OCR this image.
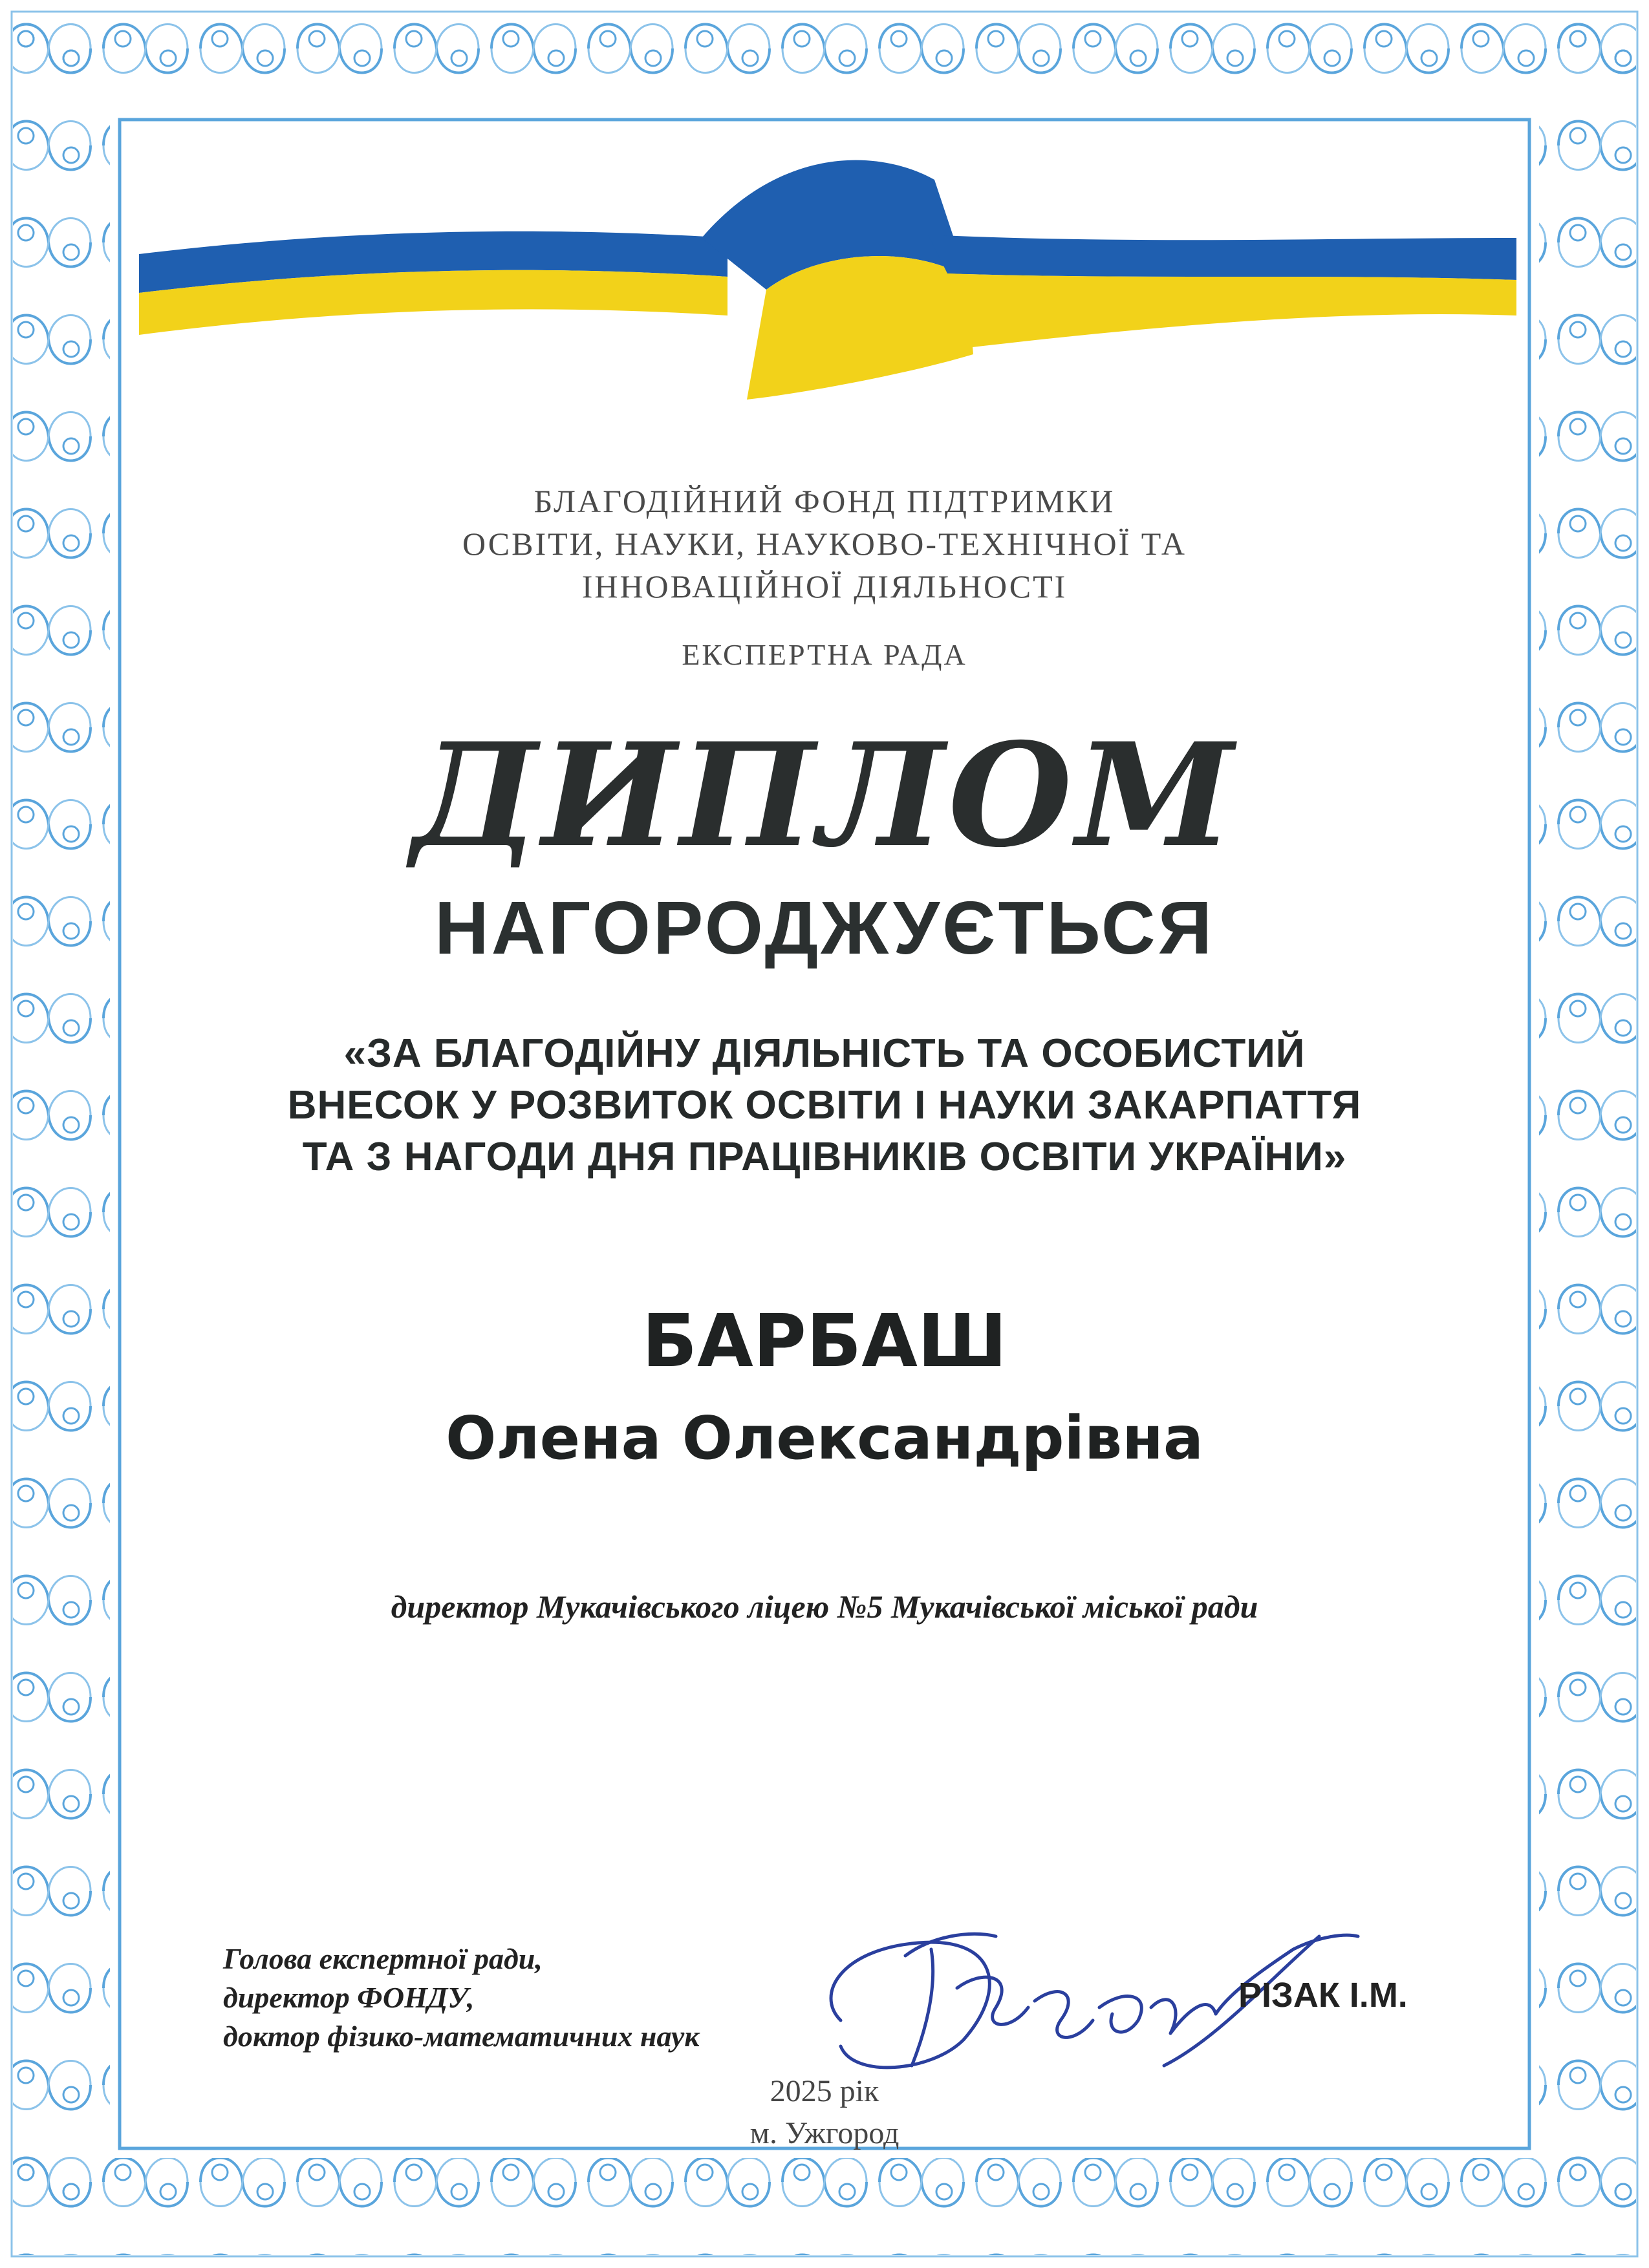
БЛАГОДІЙНИЙ ФОНД ПІДТРИМКИ
ОСВІТИ, НАУКИ, НАУКОВО-ТЕХНІЧНОЇ ТА
ІННОВАЦІЙНОЇ ДІЯЛЬНОСТІ
ЕКСПЕРТНА РАДА
ДИПЛОМ
НАГОРОДЖУЄТЬСЯ
«ЗА БЛАГОДІЙНУ ДІЯЛЬНІСТЬ ТА ОСОБИСТИЙ
ВНЕСОК У РОЗВИТОК ОСВІТИ І НАУКИ ЗАКАРПАТТЯ
ТА З НАГОДИ ДНЯ ПРАЦІВНИКІВ ОСВІТИ УКРАЇНИ»
БАРБАШ
Олена Олександрівна
директор Мукачівського ліцею №5 Мукачівської міської ради
Голова експертної ради,
директор ФОНДУ,
доктор фізико-математичних наук
РІЗАК І.М.
2025 рік
м. Ужгород
